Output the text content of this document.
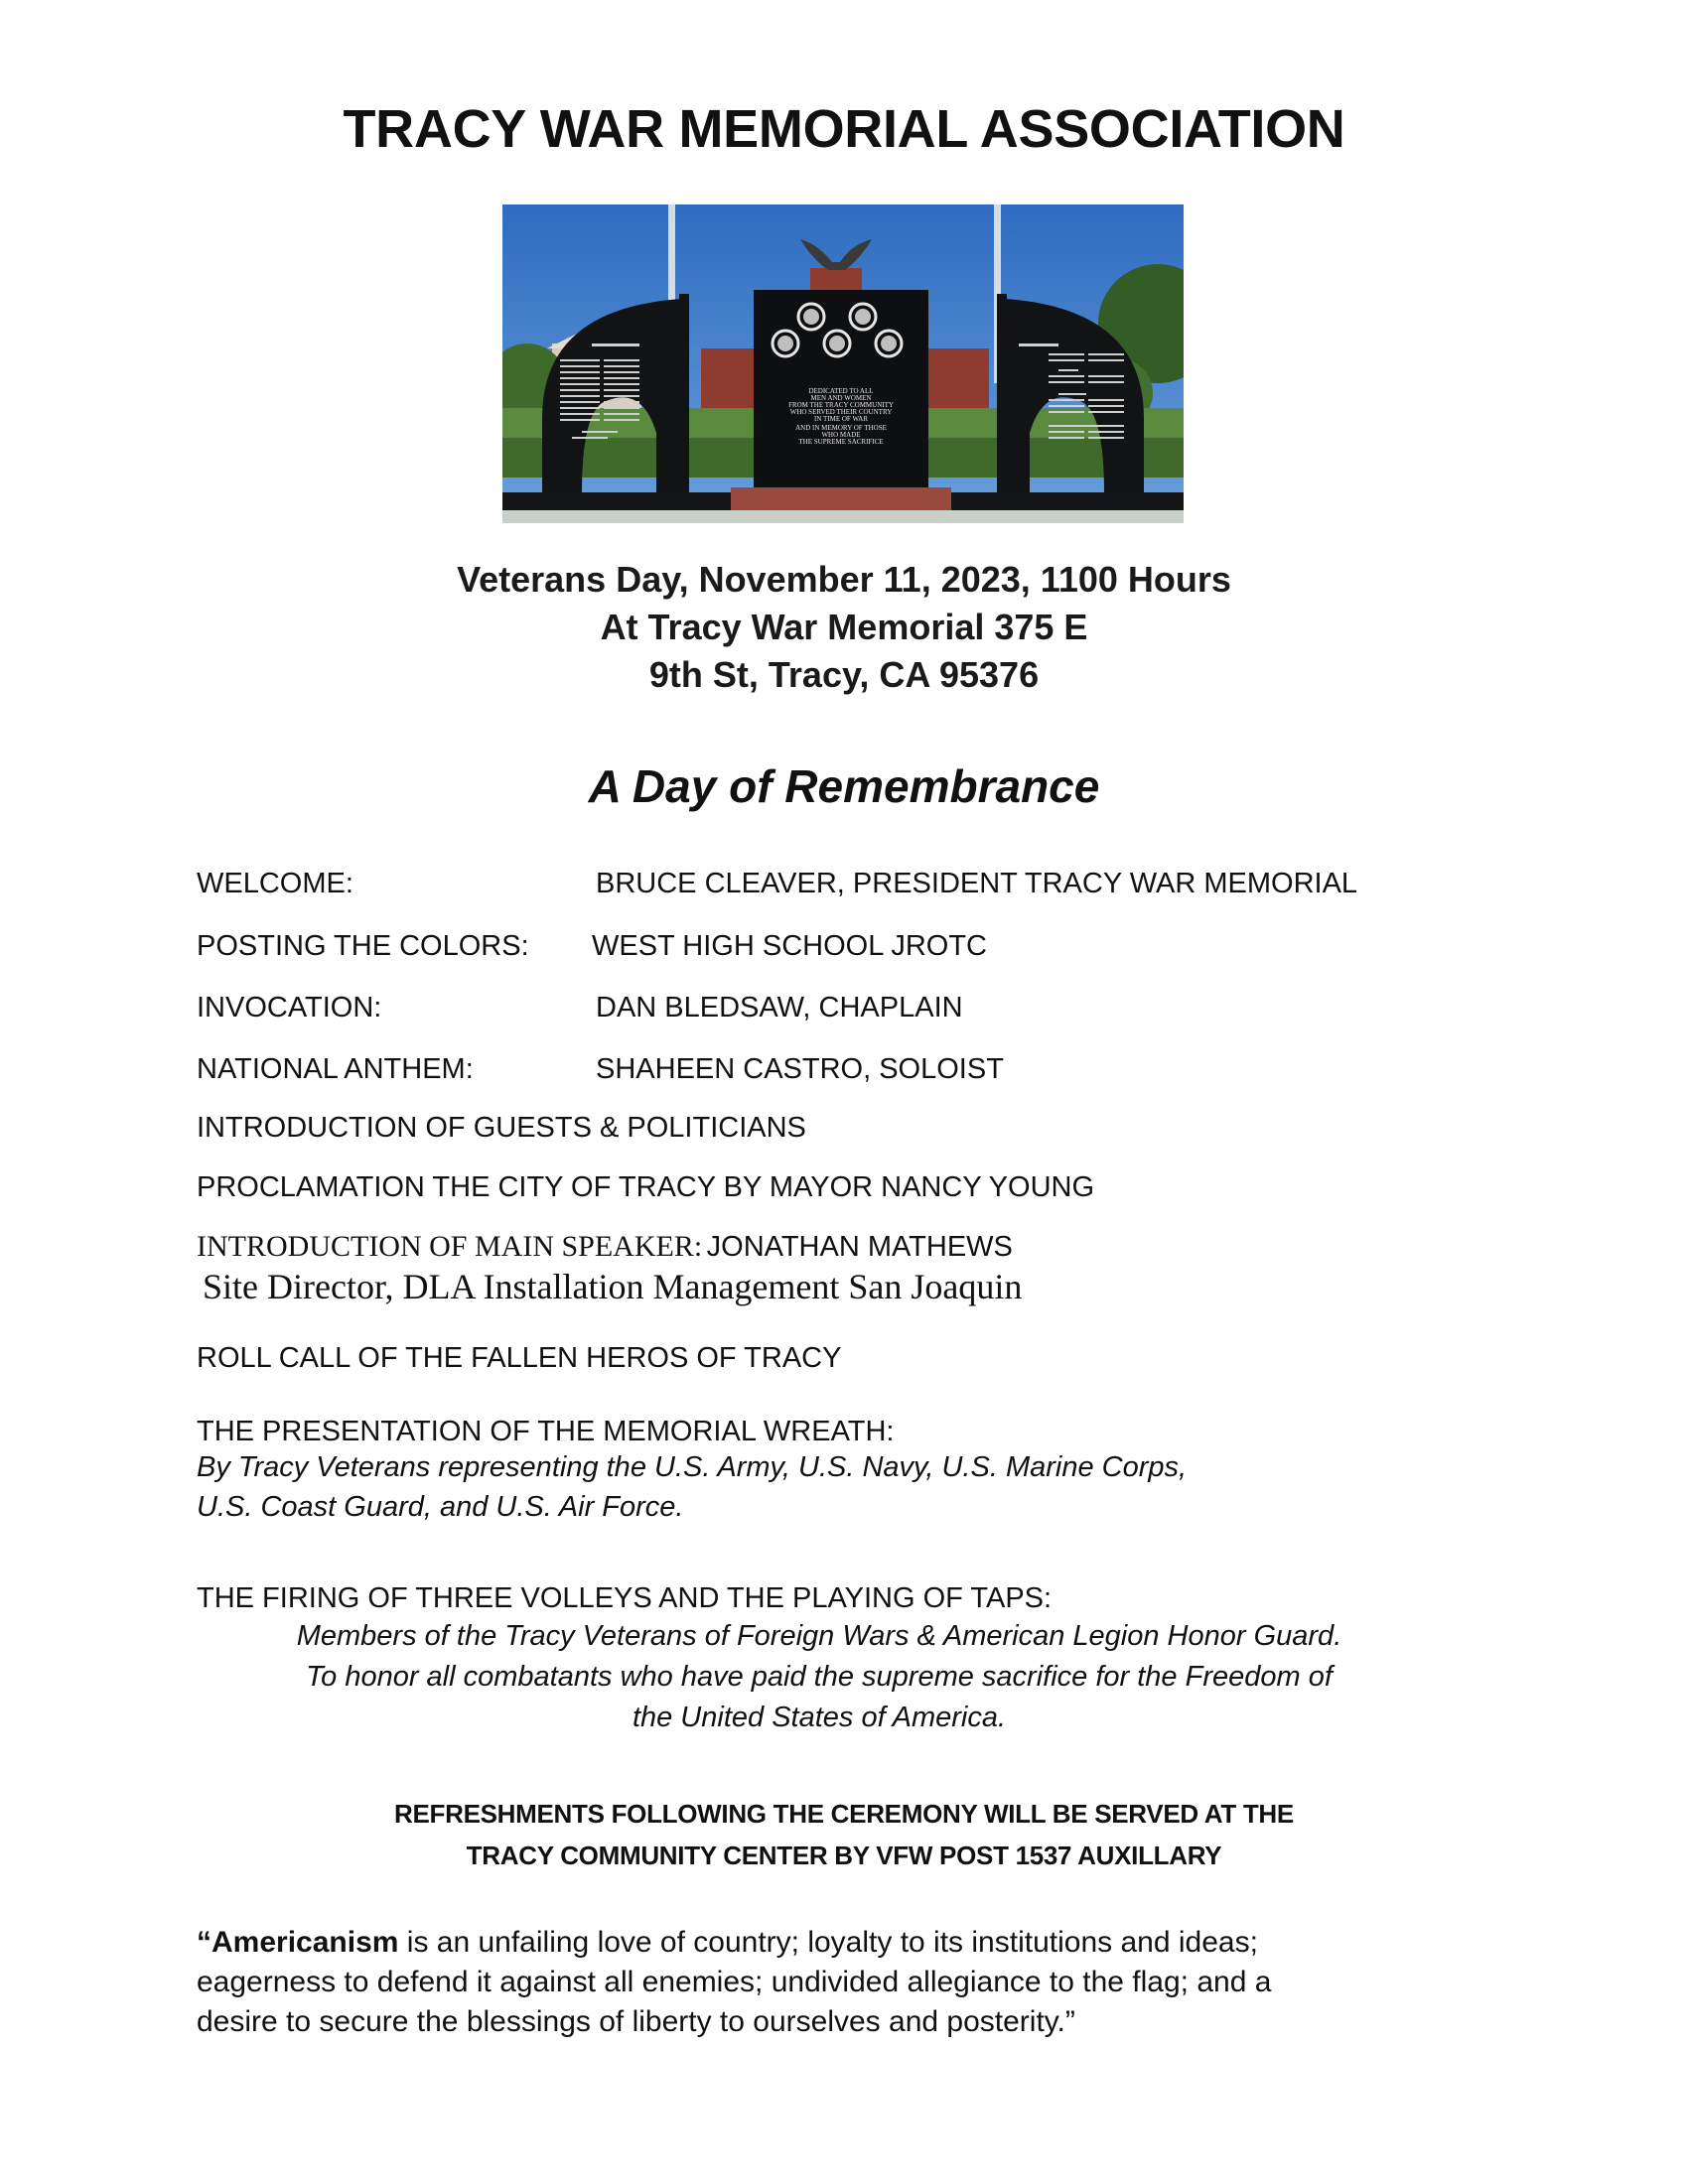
TRACY WAR MEMORIAL ASSOCIATION
DEDICATED TO ALL
MEN AND WOMEN
FROM THE TRACY COMMUNITY
WHO SERVED THEIR COUNTRY
IN TIME OF WAR
AND IN MEMORY OF THOSE
WHO MADE
THE SUPREME SACRIFICE
Veterans Day, November 11, 2023, 1100 Hours
At Tracy War Memorial 375 E
9th St, Tracy, CA 95376
A Day of Remembrance
WELCOME:	BRUCE CLEAVER, PRESIDENT TRACY WAR MEMORIAL
POSTING THE COLORS: WEST HIGH SCHOOL JROTC
INVOCATION:	DAN BLEDSAW, CHAPLAIN
NATIONAL ANTHEM:	SHAHEEN CASTRO, SOLOIST
INTRODUCTION OF GUESTS & POLITICIANS
PROCLAMATION THE CITY OF TRACY BY MAYOR NANCY YOUNG
INTRODUCTION OF MAIN SPEAKER: JONATHAN MATHEWS
Site Director, DLA Installation Management San Joaquin
ROLL CALL OF THE FALLEN HEROS OF TRACY
THE PRESENTATION OF THE MEMORIAL WREATH:
By Tracy Veterans representing the U.S. Army, U.S. Navy, U.S. Marine Corps,
U.S. Coast Guard, and U.S. Air Force.
THE FIRING OF THREE VOLLEYS AND THE PLAYING OF TAPS:
Members of the Tracy Veterans of Foreign Wars & American Legion Honor Guard.
To honor all combatants who have paid the supreme sacrifice for the Freedom of
the United States of America.
REFRESHMENTS FOLLOWING THE CEREMONY WILL BE SERVED AT THE
TRACY COMMUNITY CENTER BY VFW POST 1537 AUXILLARY
“Americanism is an unfailing love of country; loyalty to its institutions and ideas;
eagerness to defend it against all enemies; undivided allegiance to the flag; and a
desire to secure the blessings of liberty to ourselves and posterity.”
